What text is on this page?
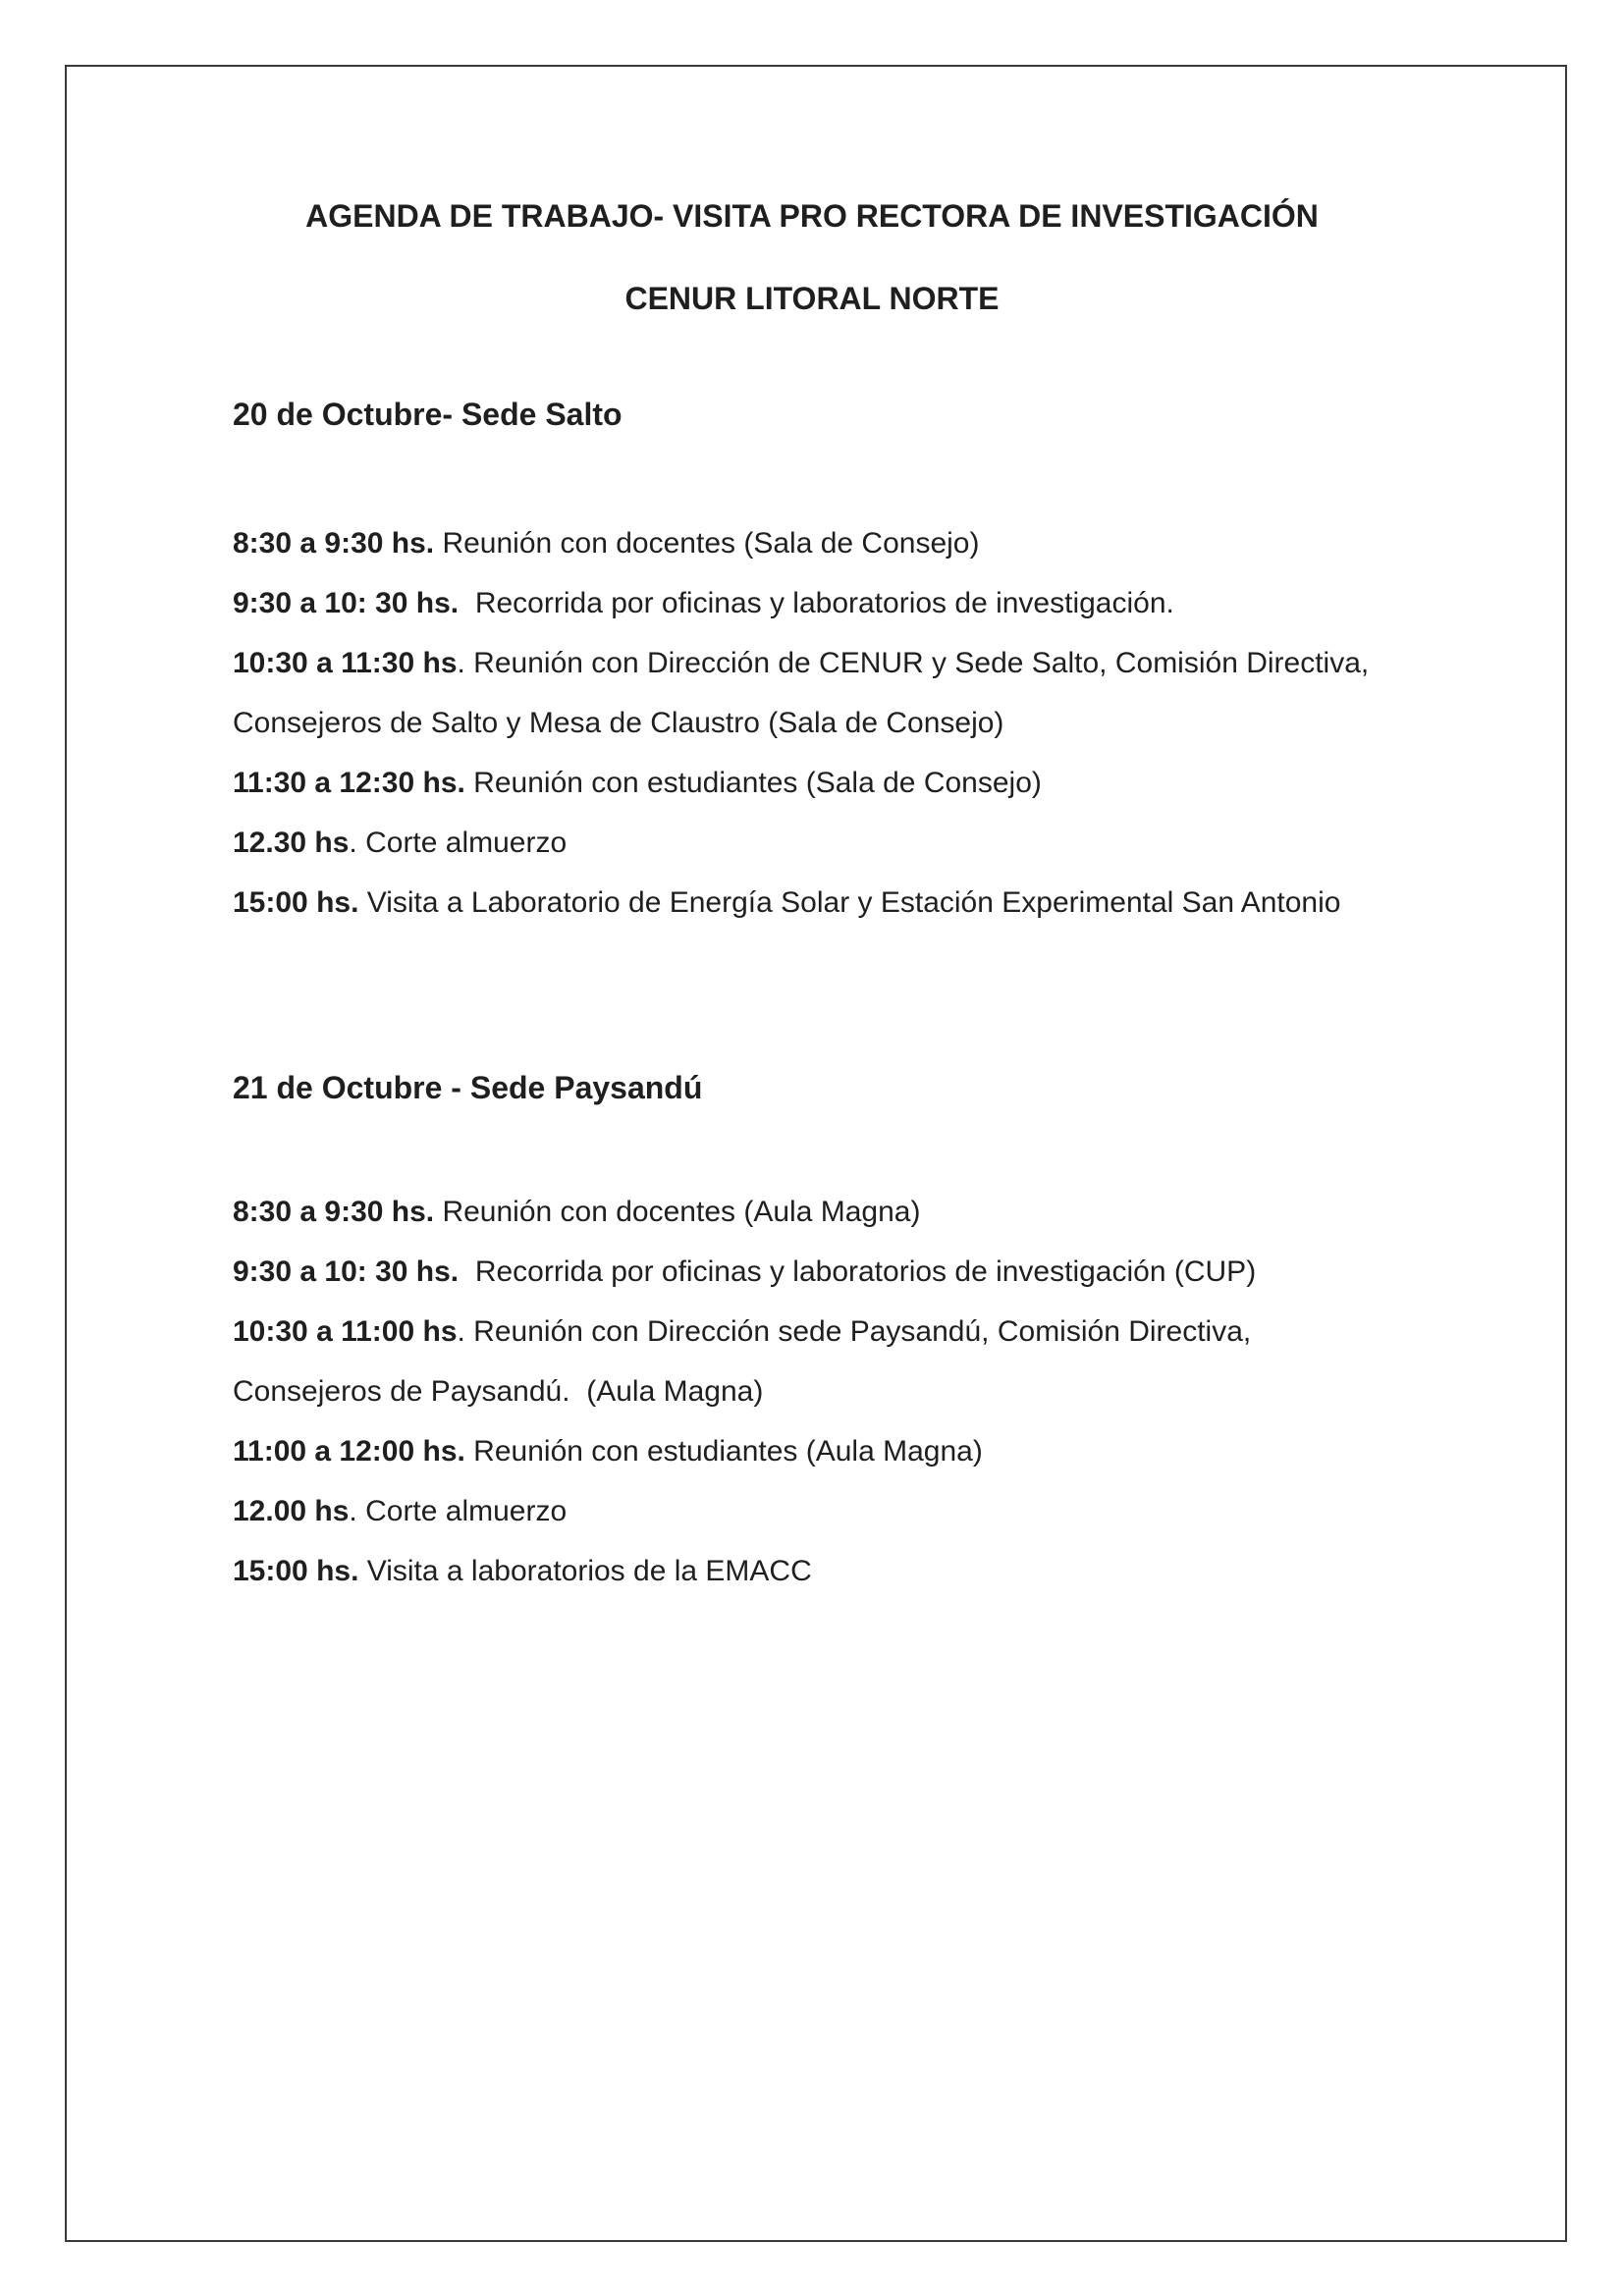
AGENDA DE TRABAJO- VISITA PRO RECTORA DE INVESTIGACIÓN
CENUR LITORAL NORTE
20 de Octubre- Sede Salto
8:30 a 9:30 hs. Reunión con docentes (Sala de Consejo)
9:30 a 10: 30 hs.  Recorrida por oficinas y laboratorios de investigación.
10:30 a 11:30 hs. Reunión con Dirección de CENUR y Sede Salto, Comisión Directiva,
Consejeros de Salto y Mesa de Claustro (Sala de Consejo)
11:30 a 12:30 hs. Reunión con estudiantes (Sala de Consejo)
12.30 hs. Corte almuerzo
15:00 hs. Visita a Laboratorio de Energía Solar y Estación Experimental San Antonio
21 de Octubre - Sede Paysandú
8:30 a 9:30 hs. Reunión con docentes (Aula Magna)
9:30 a 10: 30 hs.  Recorrida por oficinas y laboratorios de investigación (CUP)
10:30 a 11:00 hs. Reunión con Dirección sede Paysandú, Comisión Directiva,
Consejeros de Paysandú.  (Aula Magna)
11:00 a 12:00 hs. Reunión con estudiantes (Aula Magna)
12.00 hs. Corte almuerzo
15:00 hs. Visita a laboratorios de la EMACC
